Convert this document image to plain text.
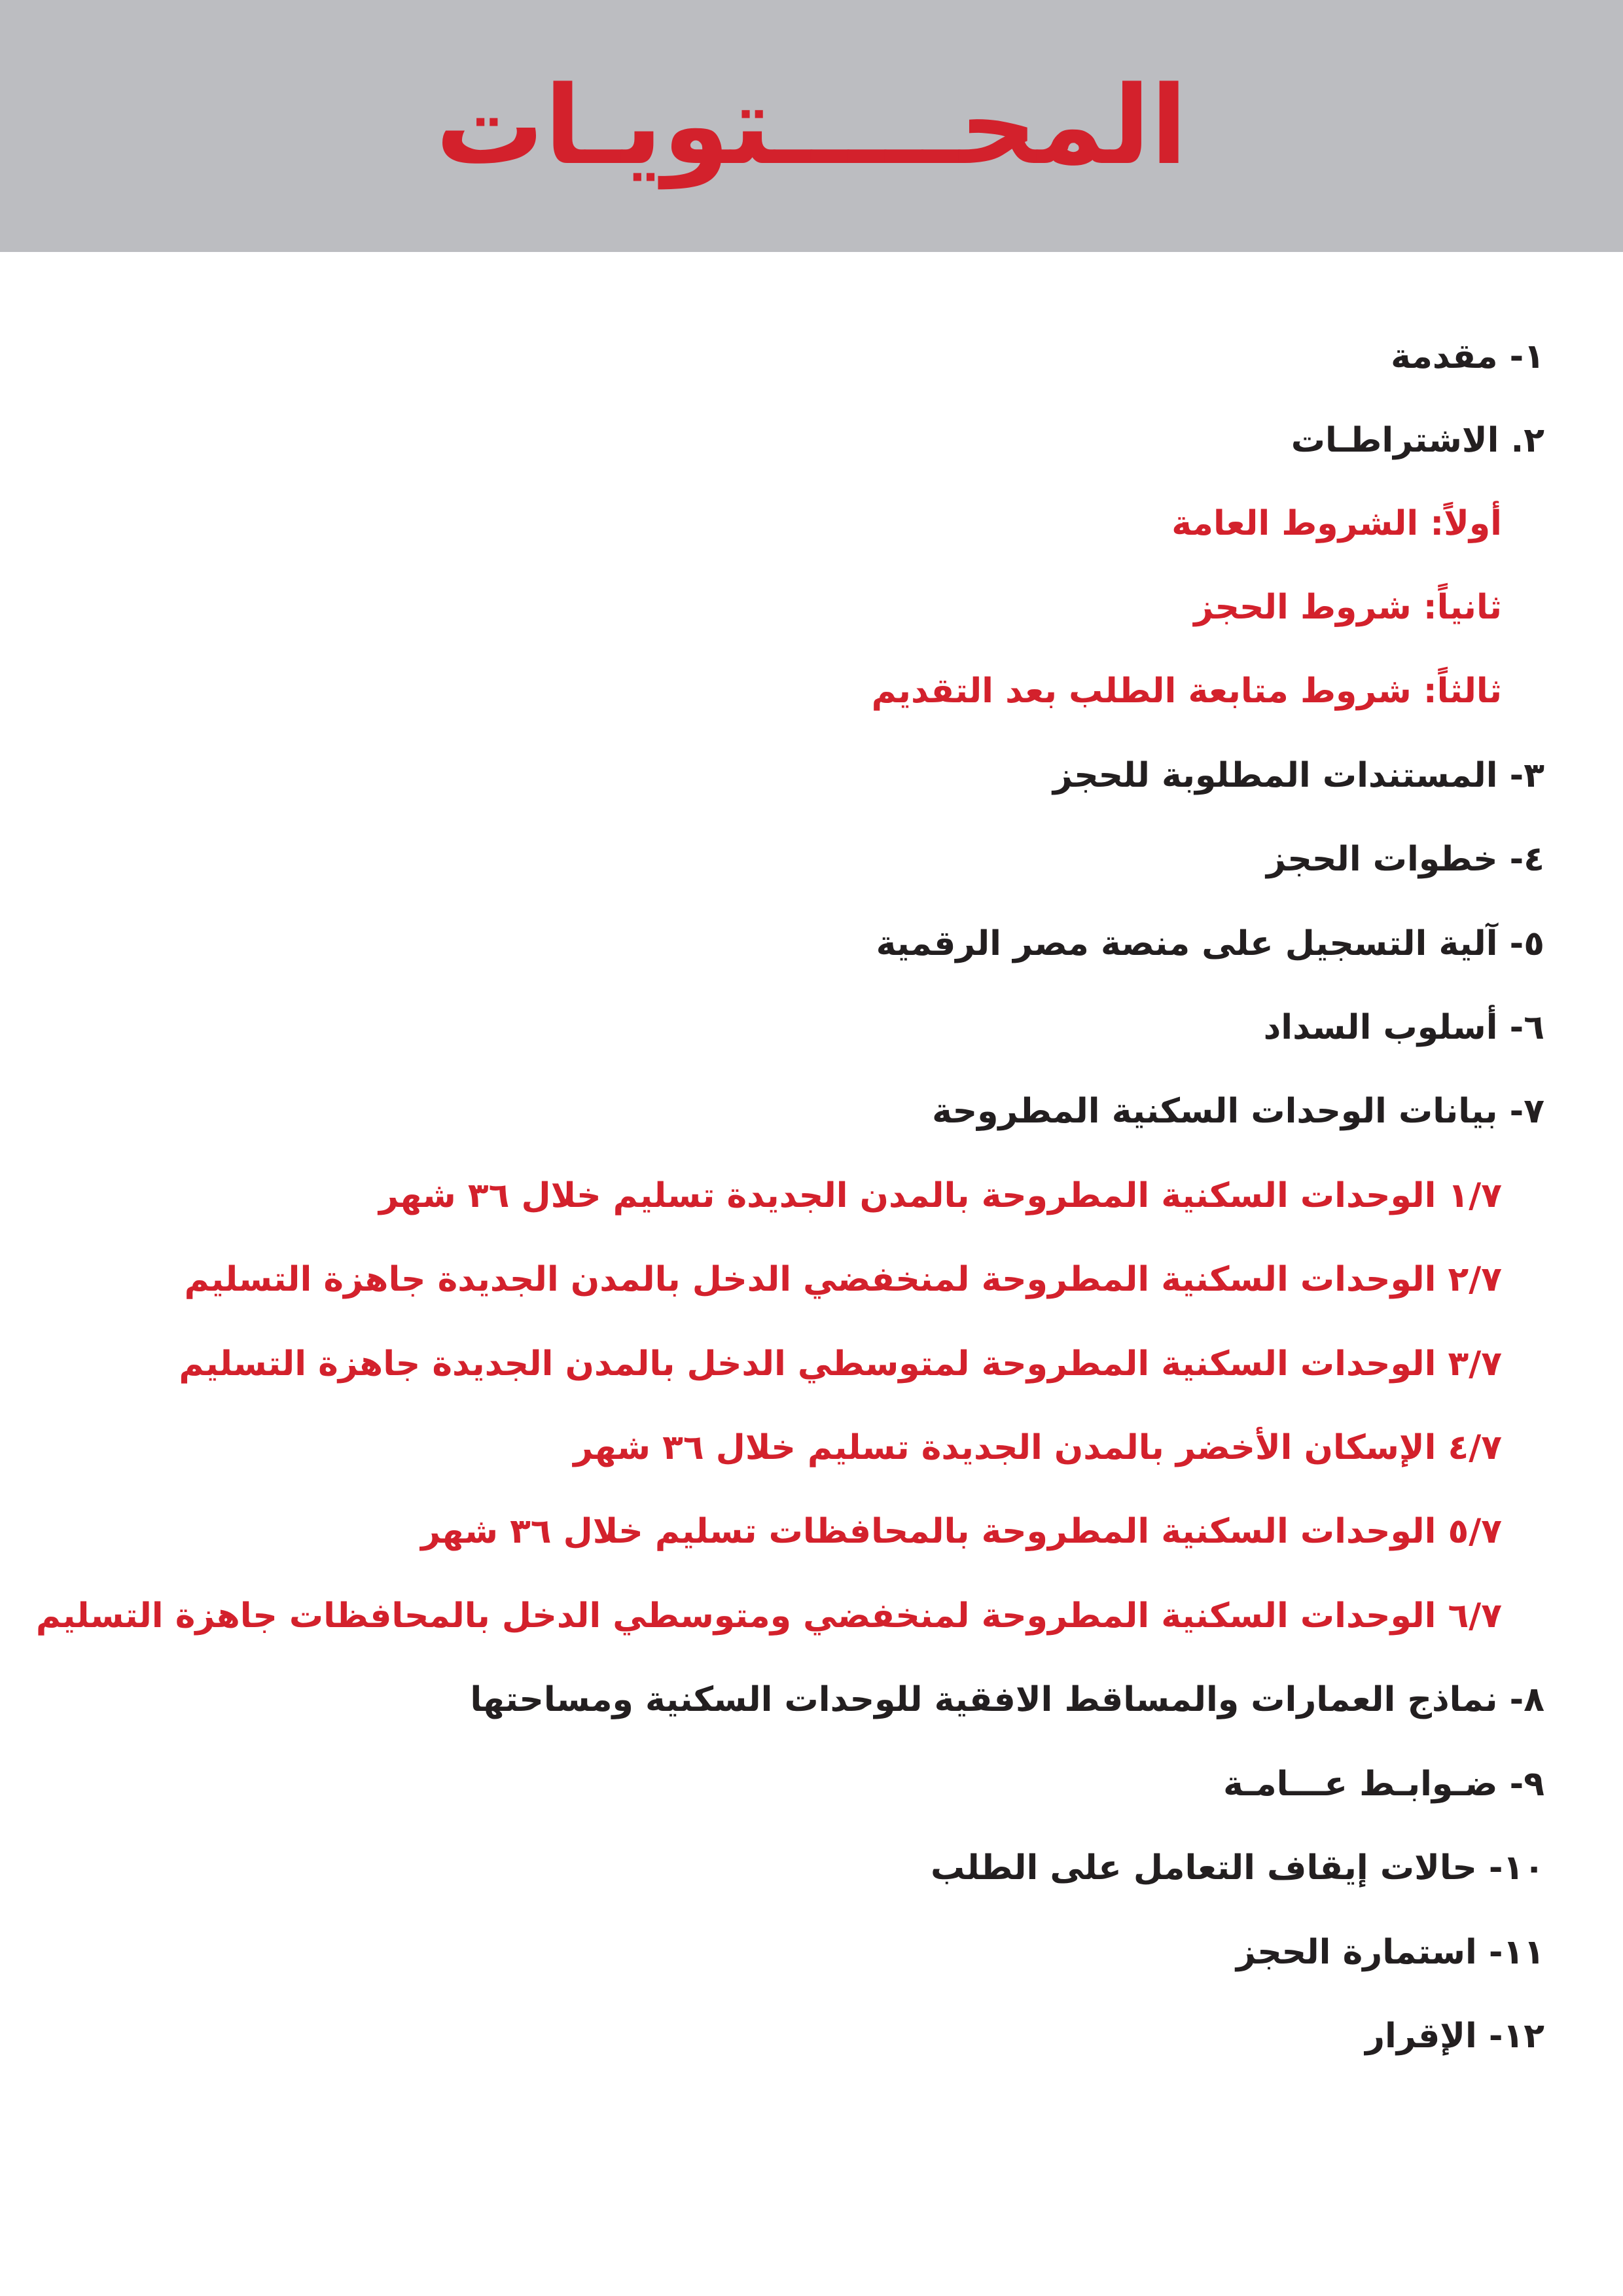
المحـــــتويـات
١- مقدمة
٢. الاشتراطـات
أولاً: الشروط العامة
ثانياً: شروط الحجز
ثالثاً: شروط متابعة الطلب بعد التقديم
٣- المستندات المطلوبة للحجز
٤- خطوات الحجز
٥- آلية التسجيل على منصة مصر الرقمية
٦- أسلوب السداد
٧- بيانات الوحدات السكنية المطروحة
١/٧ الوحدات السكنية المطروحة بالمدن الجديدة تسليم خلال ٣٦ شهر
٢/٧ الوحدات السكنية المطروحة لمنخفضي الدخل بالمدن الجديدة جاهزة التسليم
٣/٧ الوحدات السكنية المطروحة لمتوسطي الدخل بالمدن الجديدة جاهزة التسليم
٤/٧ الإسكان الأخضر بالمدن الجديدة تسليم خلال ٣٦ شهر
٥/٧ الوحدات السكنية المطروحة بالمحافظات تسليم خلال ٣٦ شهر
٦/٧ الوحدات السكنية المطروحة لمنخفضي ومتوسطي الدخل بالمحافظات جاهزة التسليم
٨- نماذج العمارات والمساقط الافقية للوحدات السكنية ومساحتها
٩- ضـوابـط عـــامـة
١٠- حالات إيقاف التعامل على الطلب
١١- استمارة الحجز
١٢- الإقرار
